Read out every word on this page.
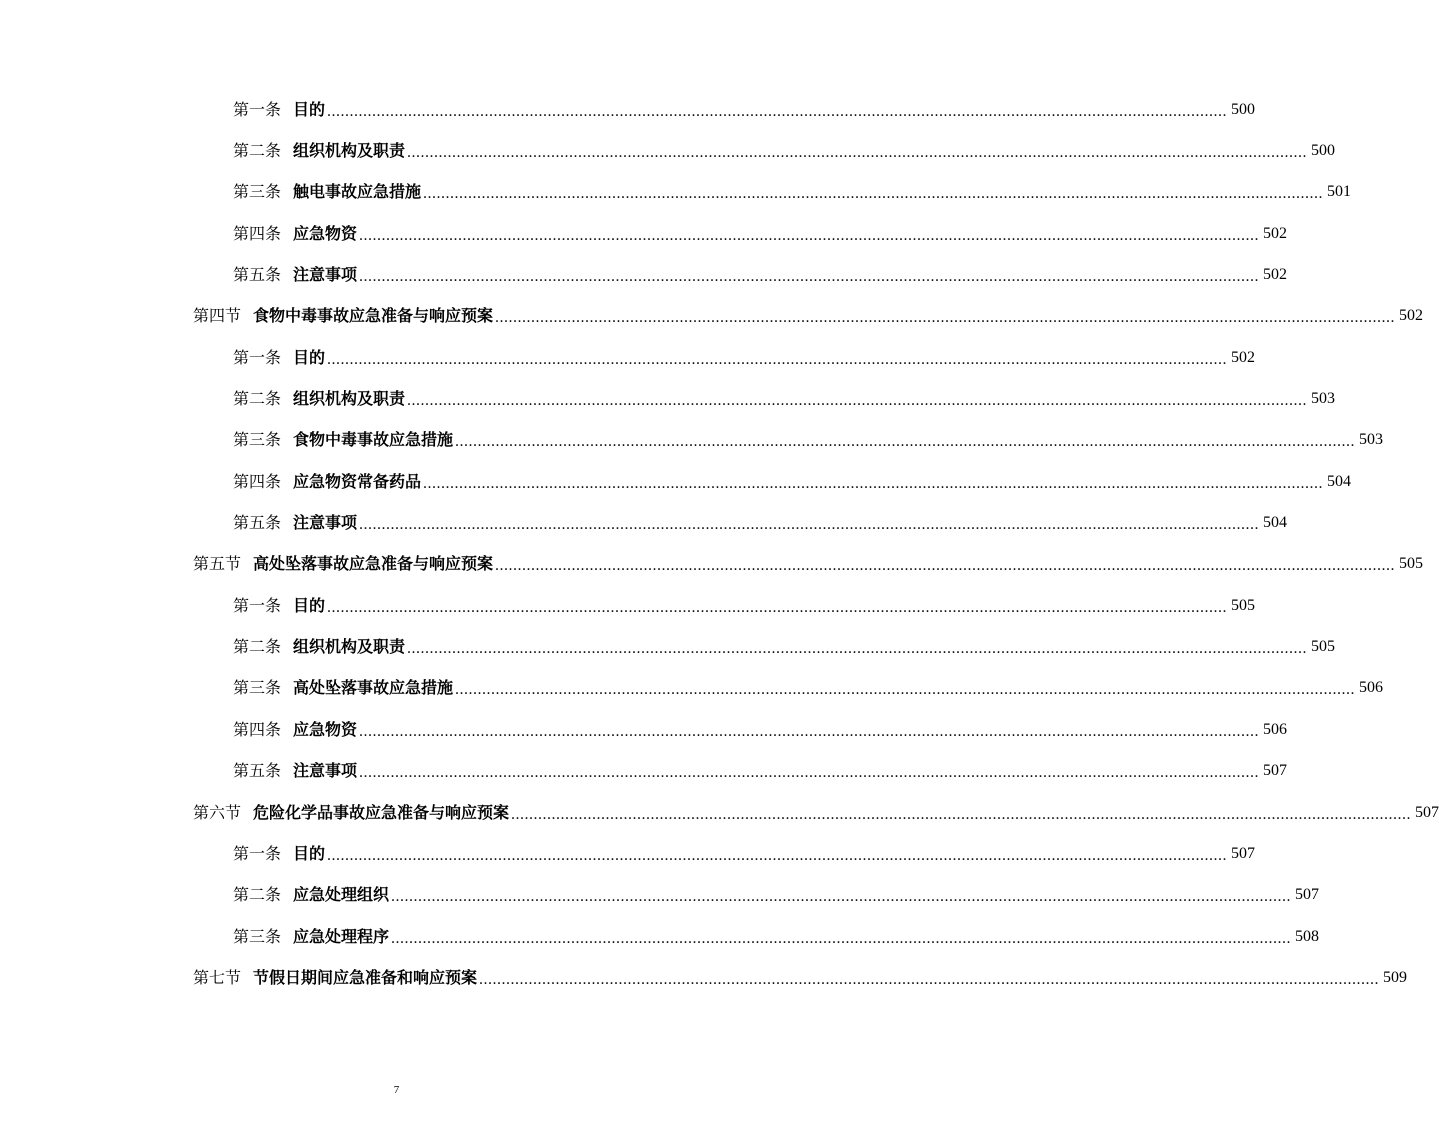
第一条 目的 ........................................................................................................................................................................................................ 500
第二条 组织机构及职责 ........................................................................................................................................................................................................ 500
第三条 触电事故应急措施 ........................................................................................................................................................................................................ 501
第四条 应急物资 ........................................................................................................................................................................................................ 502
第五条 注意事项 ........................................................................................................................................................................................................ 502
第四节 食物中毒事故应急准备与响应预案 ........................................................................................................................................................................................................ 502
第一条 目的 ........................................................................................................................................................................................................ 502
第二条 组织机构及职责 ........................................................................................................................................................................................................ 503
第三条 食物中毒事故应急措施 ........................................................................................................................................................................................................ 503
第四条 应急物资常备药品 ........................................................................................................................................................................................................ 504
第五条 注意事项 ........................................................................................................................................................................................................ 504
第五节 高处坠落事故应急准备与响应预案 ........................................................................................................................................................................................................ 505
第一条 目的 ........................................................................................................................................................................................................ 505
第二条 组织机构及职责 ........................................................................................................................................................................................................ 505
第三条 高处坠落事故应急措施 ........................................................................................................................................................................................................ 506
第四条 应急物资 ........................................................................................................................................................................................................ 506
第五条 注意事项 ........................................................................................................................................................................................................ 507
第六节 危险化学品事故应急准备与响应预案 ........................................................................................................................................................................................................ 507
第一条 目的 ........................................................................................................................................................................................................ 507
第二条 应急处理组织 ........................................................................................................................................................................................................ 507
第三条 应急处理程序 ........................................................................................................................................................................................................ 508
第七节 节假日期间应急准备和响应预案 ........................................................................................................................................................................................................ 509
7
